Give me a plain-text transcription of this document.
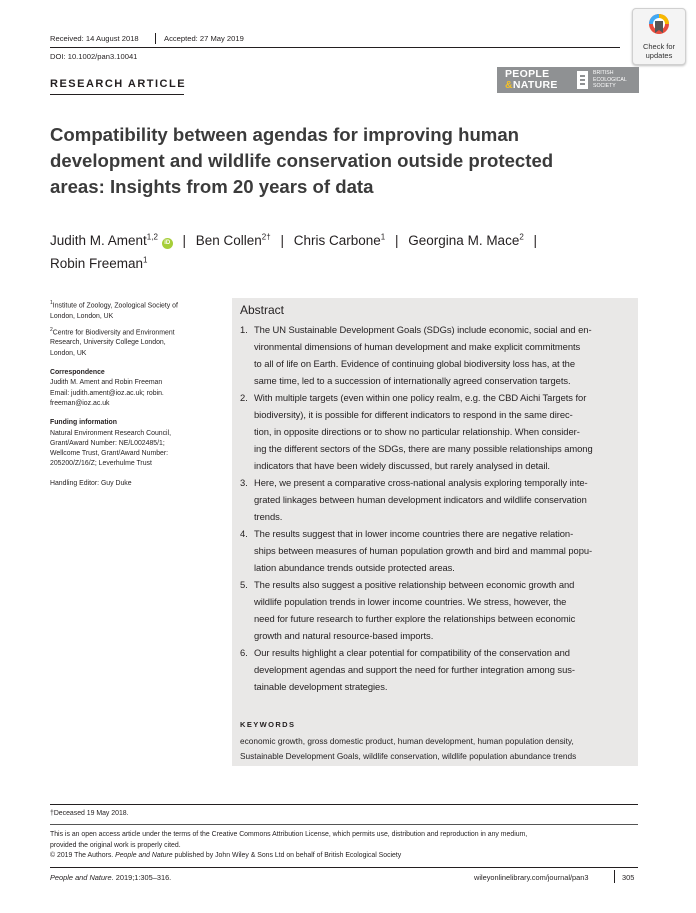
Received: 14 August 2018	Accepted: 27 May 2019
DOI: 10.1002/pan3.10041
Check for
updates
RESEARCH ARTICLE
PEOPLE
&NATURE
BRITISH
ECOLOGICAL
SOCIETY
Compatibility between agendas for improving human
development and wildlife conservation outside protected
areas: Insights from 20 years of data
Judith M. Ament$^{1,2}$ iD | Ben Collen$^{2\dagger}$ | Chris Carbone$^1$ | Georgina M. Mace$^2$ |
Robin Freeman$^1$
$^1$Institute of Zoology, Zoological Society of
London, London, UK
$^2$Centre for Biodiversity and Environment
Research, University College London,
London, UK
Correspondence
Judith M. Ament and Robin Freeman
Email: judith.ament@ioz.ac.uk; robin.
freeman@ioz.ac.uk
Funding information
Natural Environment Research Council,
Grant/Award Number: NE/L002485/1;
Wellcome Trust, Grant/Award Number:
205200/Z/16/Z; Leverhulme Trust
Handling Editor: Guy Duke
Abstract
1. The UN Sustainable Development Goals (SDGs) include economic, social and en-
vironmental dimensions of human development and make explicit commitments
to all of life on Earth. Evidence of continuing global biodiversity loss has, at the
same time, led to a succession of internationally agreed conservation targets.
2. With multiple targets (even within one policy realm, e.g. the CBD Aichi Targets for
biodiversity), it is possible for different indicators to respond in the same direc-
tion, in opposite directions or to show no particular relationship. When consider-
ing the different sectors of the SDGs, there are many possible relationships among
indicators that have been widely discussed, but rarely analysed in detail.
3. Here, we present a comparative cross-national analysis exploring temporally inte-
grated linkages between human development indicators and wildlife conservation
trends.
4. The results suggest that in lower income countries there are negative relation-
ships between measures of human population growth and bird and mammal popu-
lation abundance trends outside protected areas.
5. The results also suggest a positive relationship between economic growth and
wildlife population trends in lower income countries. We stress, however, the
need for future research to further explore the relationships between economic
growth and natural resource-based imports.
6. Our results highlight a clear potential for compatibility of the conservation and
development agendas and support the need for further integration among sus-
tainable development strategies.
KEYWORDS
economic growth, gross domestic product, human development, human population density,
Sustainable Development Goals, wildlife conservation, wildlife population abundance trends
†Deceased 19 May 2018.
This is an open access article under the terms of the Creative Commons Attribution License, which permits use, distribution and reproduction in any medium,
provided the original work is properly cited.
© 2019 The Authors. People and Nature published by John Wiley & Sons Ltd on behalf of British Ecological Society
People and Nature. 2019;1:305–316.	wileyonlinelibrary.com/journal/pan3	305
